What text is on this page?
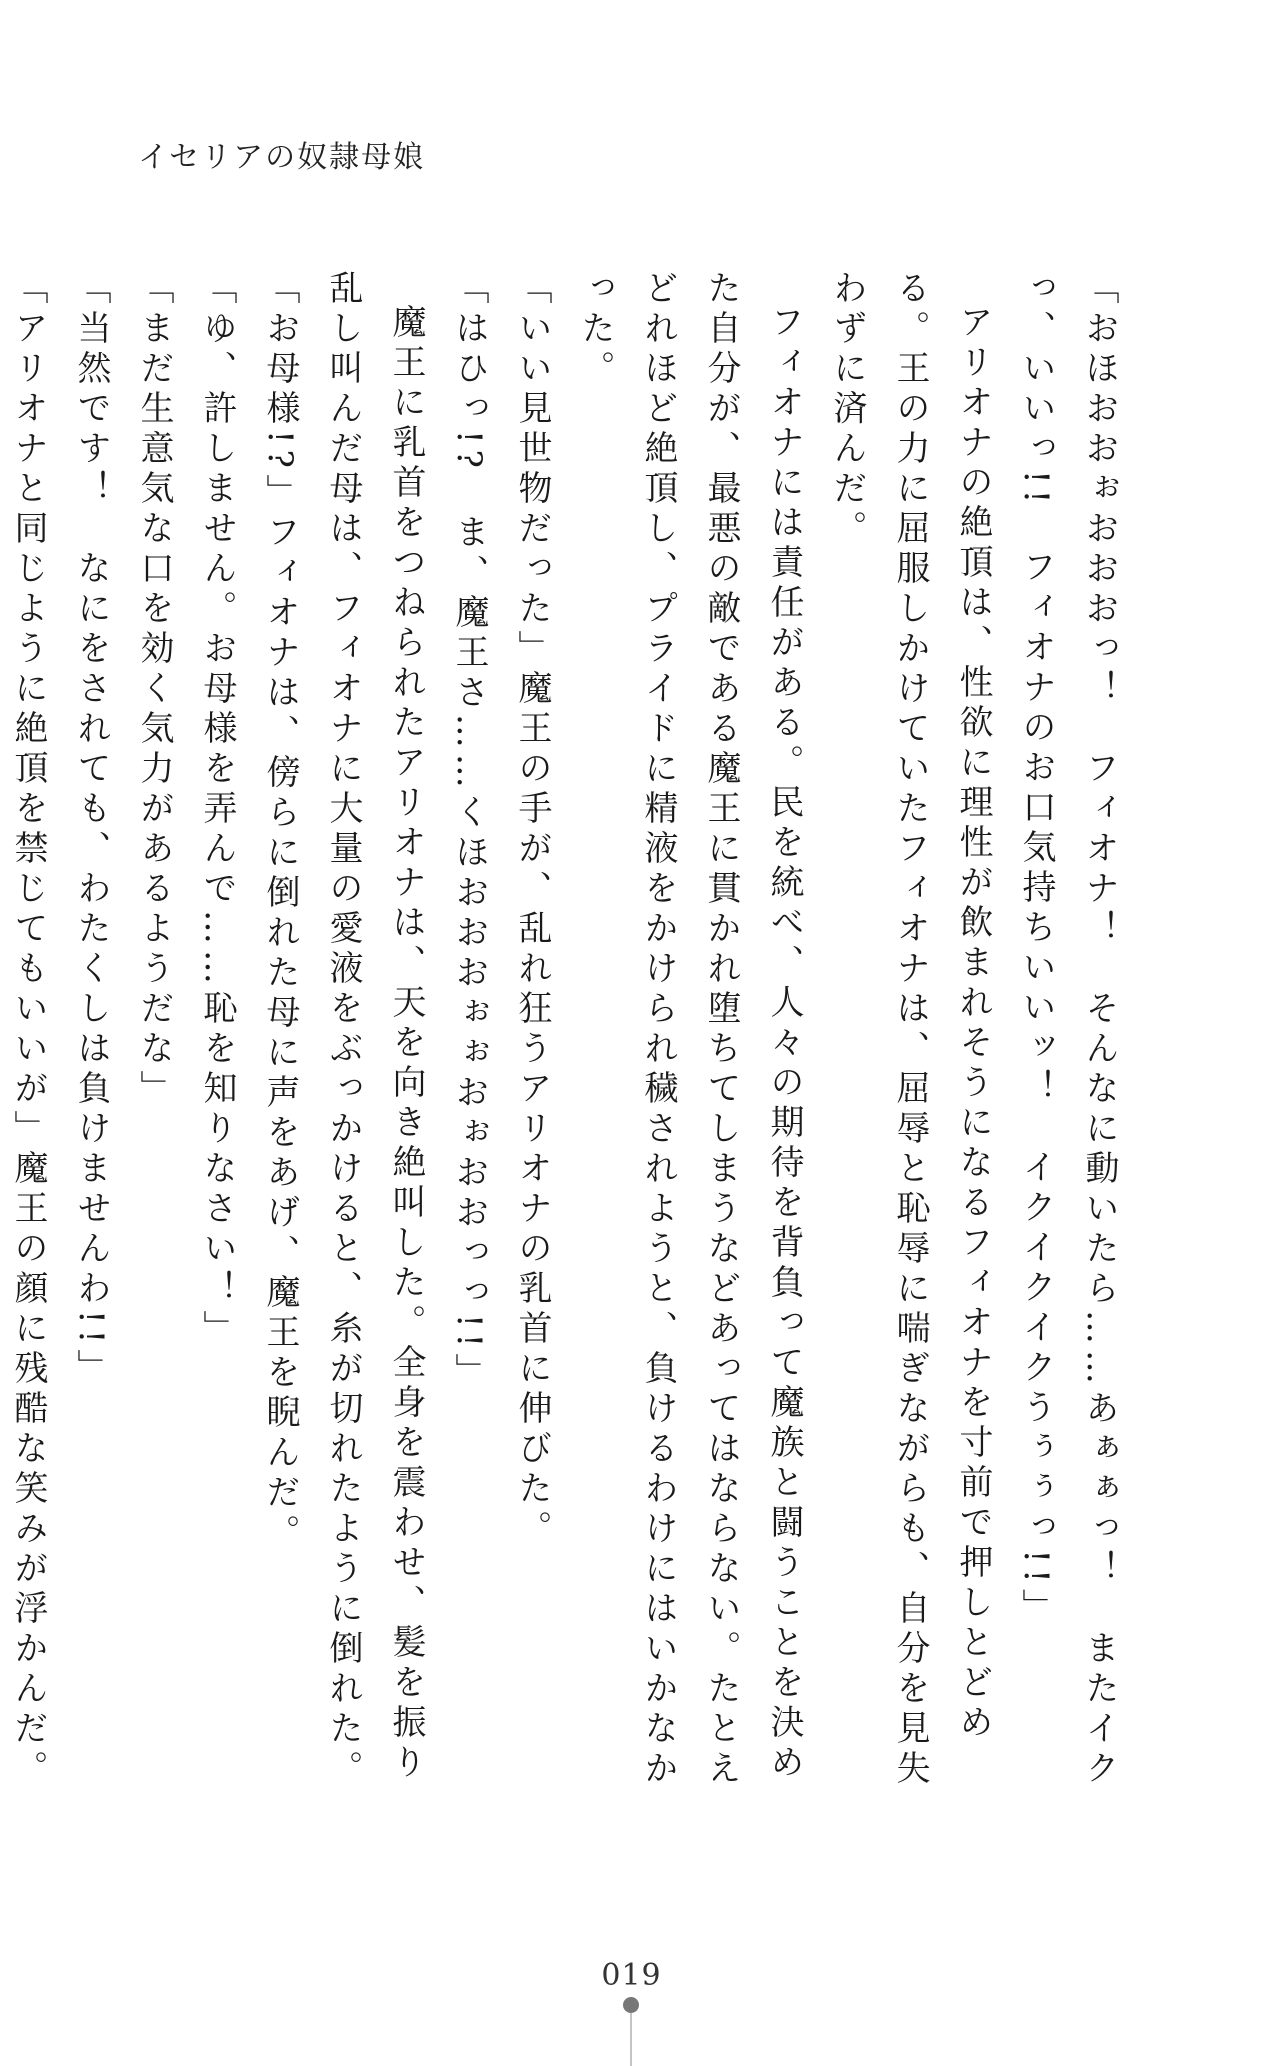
イセリアの奴隷母娘

「おほおおぉおおおっ！　フィオナ！　そんなに動いたら……あぁぁっ！　またイクっ、いいっ!!　フィオナのお口気持ちいいッ！　イクイクイクうぅぅっ!!」

アリオナの絶頂は、性欲に理性が飲まれそうになるフィオナを寸前で押しとどめる。王の力に屈服しかけていたフィオナは、屈辱と恥辱に喘ぎながらも、自分を見失わずに済んだ。

フィオナには責任がある。民を統べ、人々の期待を背負って魔族と闘うことを決めた自分が、最悪の敵である魔王に貫かれ堕ちてしまうなどあってはならない。たとえどれほど絶頂し、プライドに精液をかけられ穢されようと、負けるわけにはいかなかった。

「いい見世物だった」魔王の手が、乱れ狂うアリオナの乳首に伸びた。

「はひっ!?　ま、魔王さ……くほおおおぉぉおぉおおっっ!!」

魔王に乳首をつねられたアリオナは、天を向き絶叫した。全身を震わせ、髪を振り乱し叫んだ母は、フィオナに大量の愛液をぶっかけると、糸が切れたように倒れた。

「お母様!?」フィオナは、傍らに倒れた母に声をあげ、魔王を睨んだ。

「ゆ、許しません。お母様を弄んで……恥を知りなさい！」

「まだ生意気な口を効く気力があるようだな」

「当然です！　なにをされても、わたくしは負けませんわ!!」

「アリオナと同じように絶頂を禁じてもいいが」魔王の顔に残酷な笑みが浮かんだ。

019
